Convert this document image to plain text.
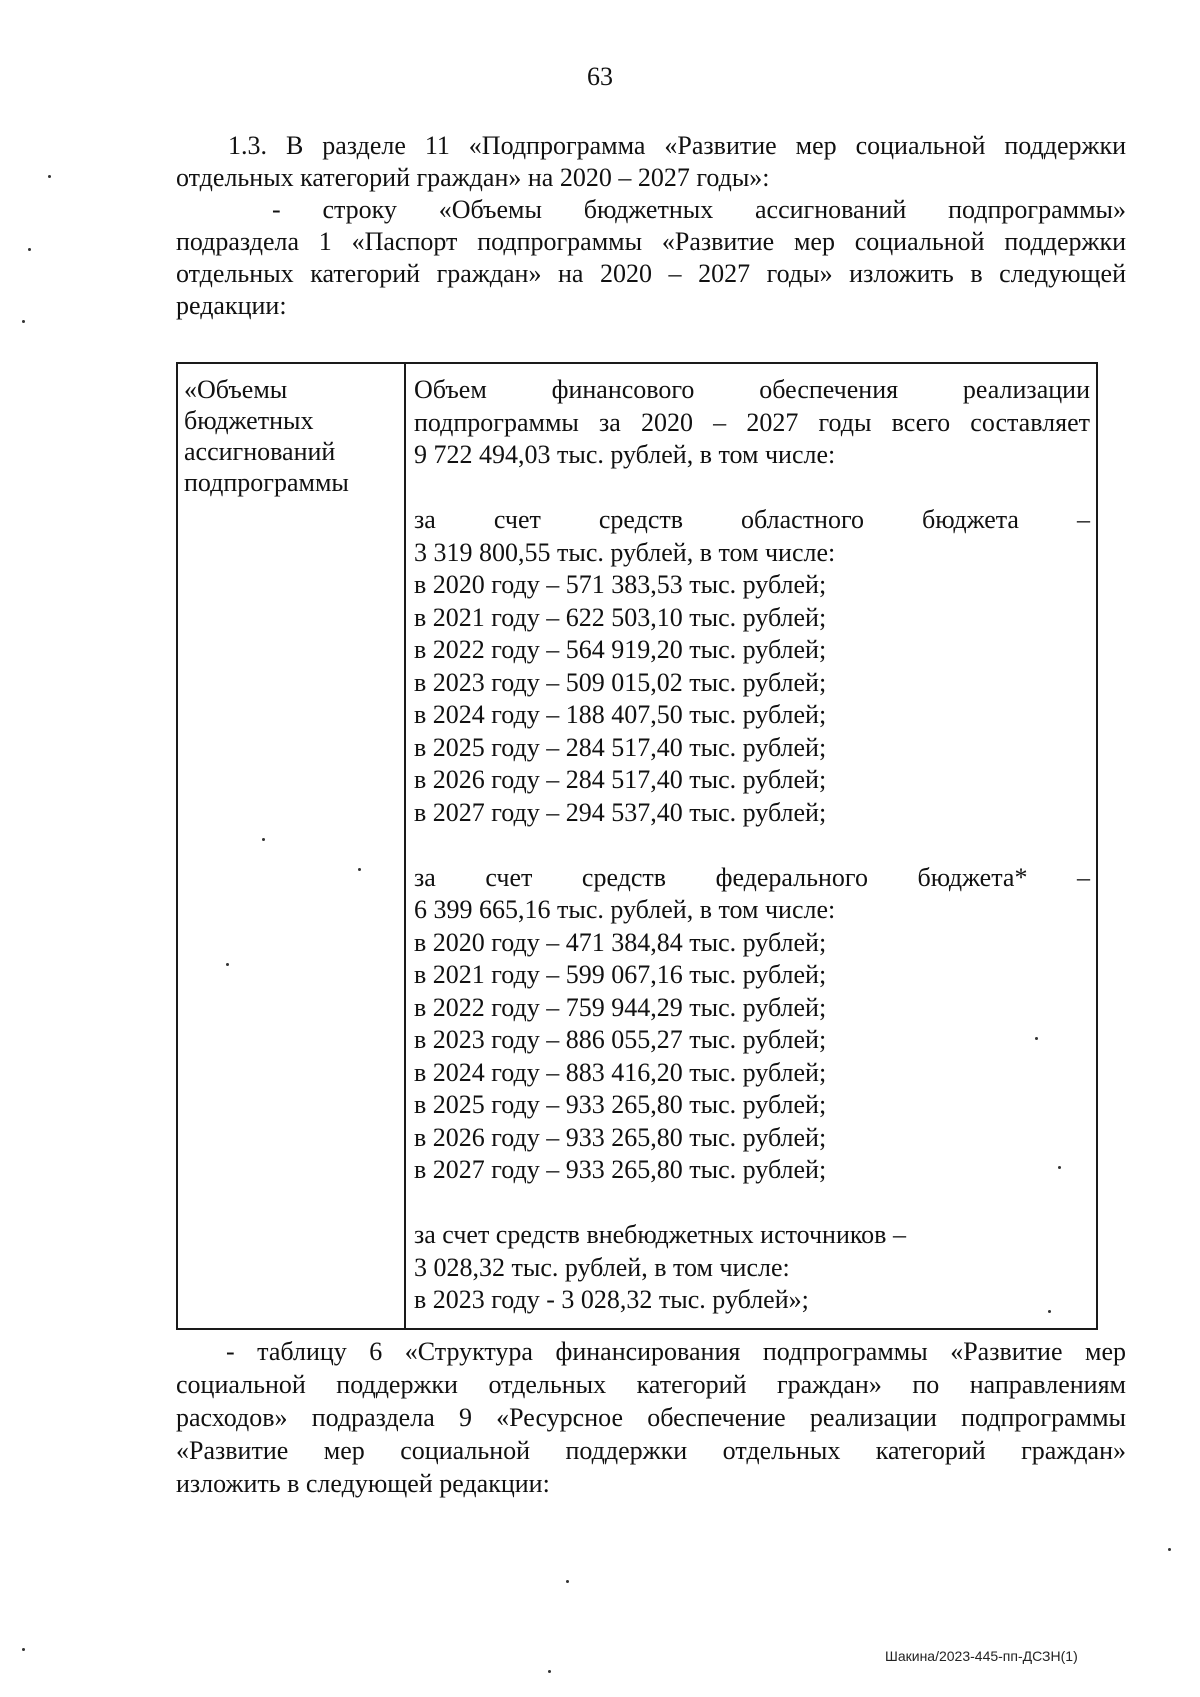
63

1.3. В разделе 11 «Подпрограмма «Развитие мер социальной поддержки

отдельных категорий граждан» на 2020 – 2027 годы»:

- строку «Объемы бюджетных ассигнований подпрограммы»

подраздела 1 «Паспорт подпрограммы «Развитие мер социальной поддержки

отдельных категорий граждан» на 2020 – 2027 годы» изложить в следующей

редакции:

«Объемы
бюджетных
ассигнований
подпрограммы
Объем финансового обеспечения реализации
подпрограммы за 2020 – 2027 годы всего составляет
9 722 494,03 тыс. рублей, в том числе:
за счет средств областного бюджета –
3 319 800,55 тыс. рублей, в том числе:
в 2020 году – 571 383,53 тыс. рублей;
в 2021 году – 622 503,10 тыс. рублей;
в 2022 году – 564 919,20 тыс. рублей;
в 2023 году – 509 015,02 тыс. рублей;
в 2024 году – 188 407,50 тыс. рублей;
в 2025 году – 284 517,40 тыс. рублей;
в 2026 году – 284 517,40 тыс. рублей;
в 2027 году – 294 537,40 тыс. рублей;
за счет средств федерального бюджета* –
6 399 665,16 тыс. рублей, в том числе:
в 2020 году – 471 384,84 тыс. рублей;
в 2021 году – 599 067,16 тыс. рублей;
в 2022 году – 759 944,29 тыс. рублей;
в 2023 году – 886 055,27 тыс. рублей;
в 2024 году – 883 416,20 тыс. рублей;
в 2025 году – 933 265,80 тыс. рублей;
в 2026 году – 933 265,80 тыс. рублей;
в 2027 году – 933 265,80 тыс. рублей;
за счет средств внебюджетных источников –
3 028,32 тыс. рублей, в том числе:
в 2023 году - 3 028,32 тыс. рублей»;

- таблицу 6 «Структура финансирования подпрограммы «Развитие мер

социальной поддержки отдельных категорий граждан» по направлениям

расходов» подраздела 9 «Ресурсное обеспечение реализации подпрограммы

«Развитие мер социальной поддержки отдельных категорий граждан»

изложить в следующей редакции:

Шакина/2023-445-пп-ДСЗН(1)
